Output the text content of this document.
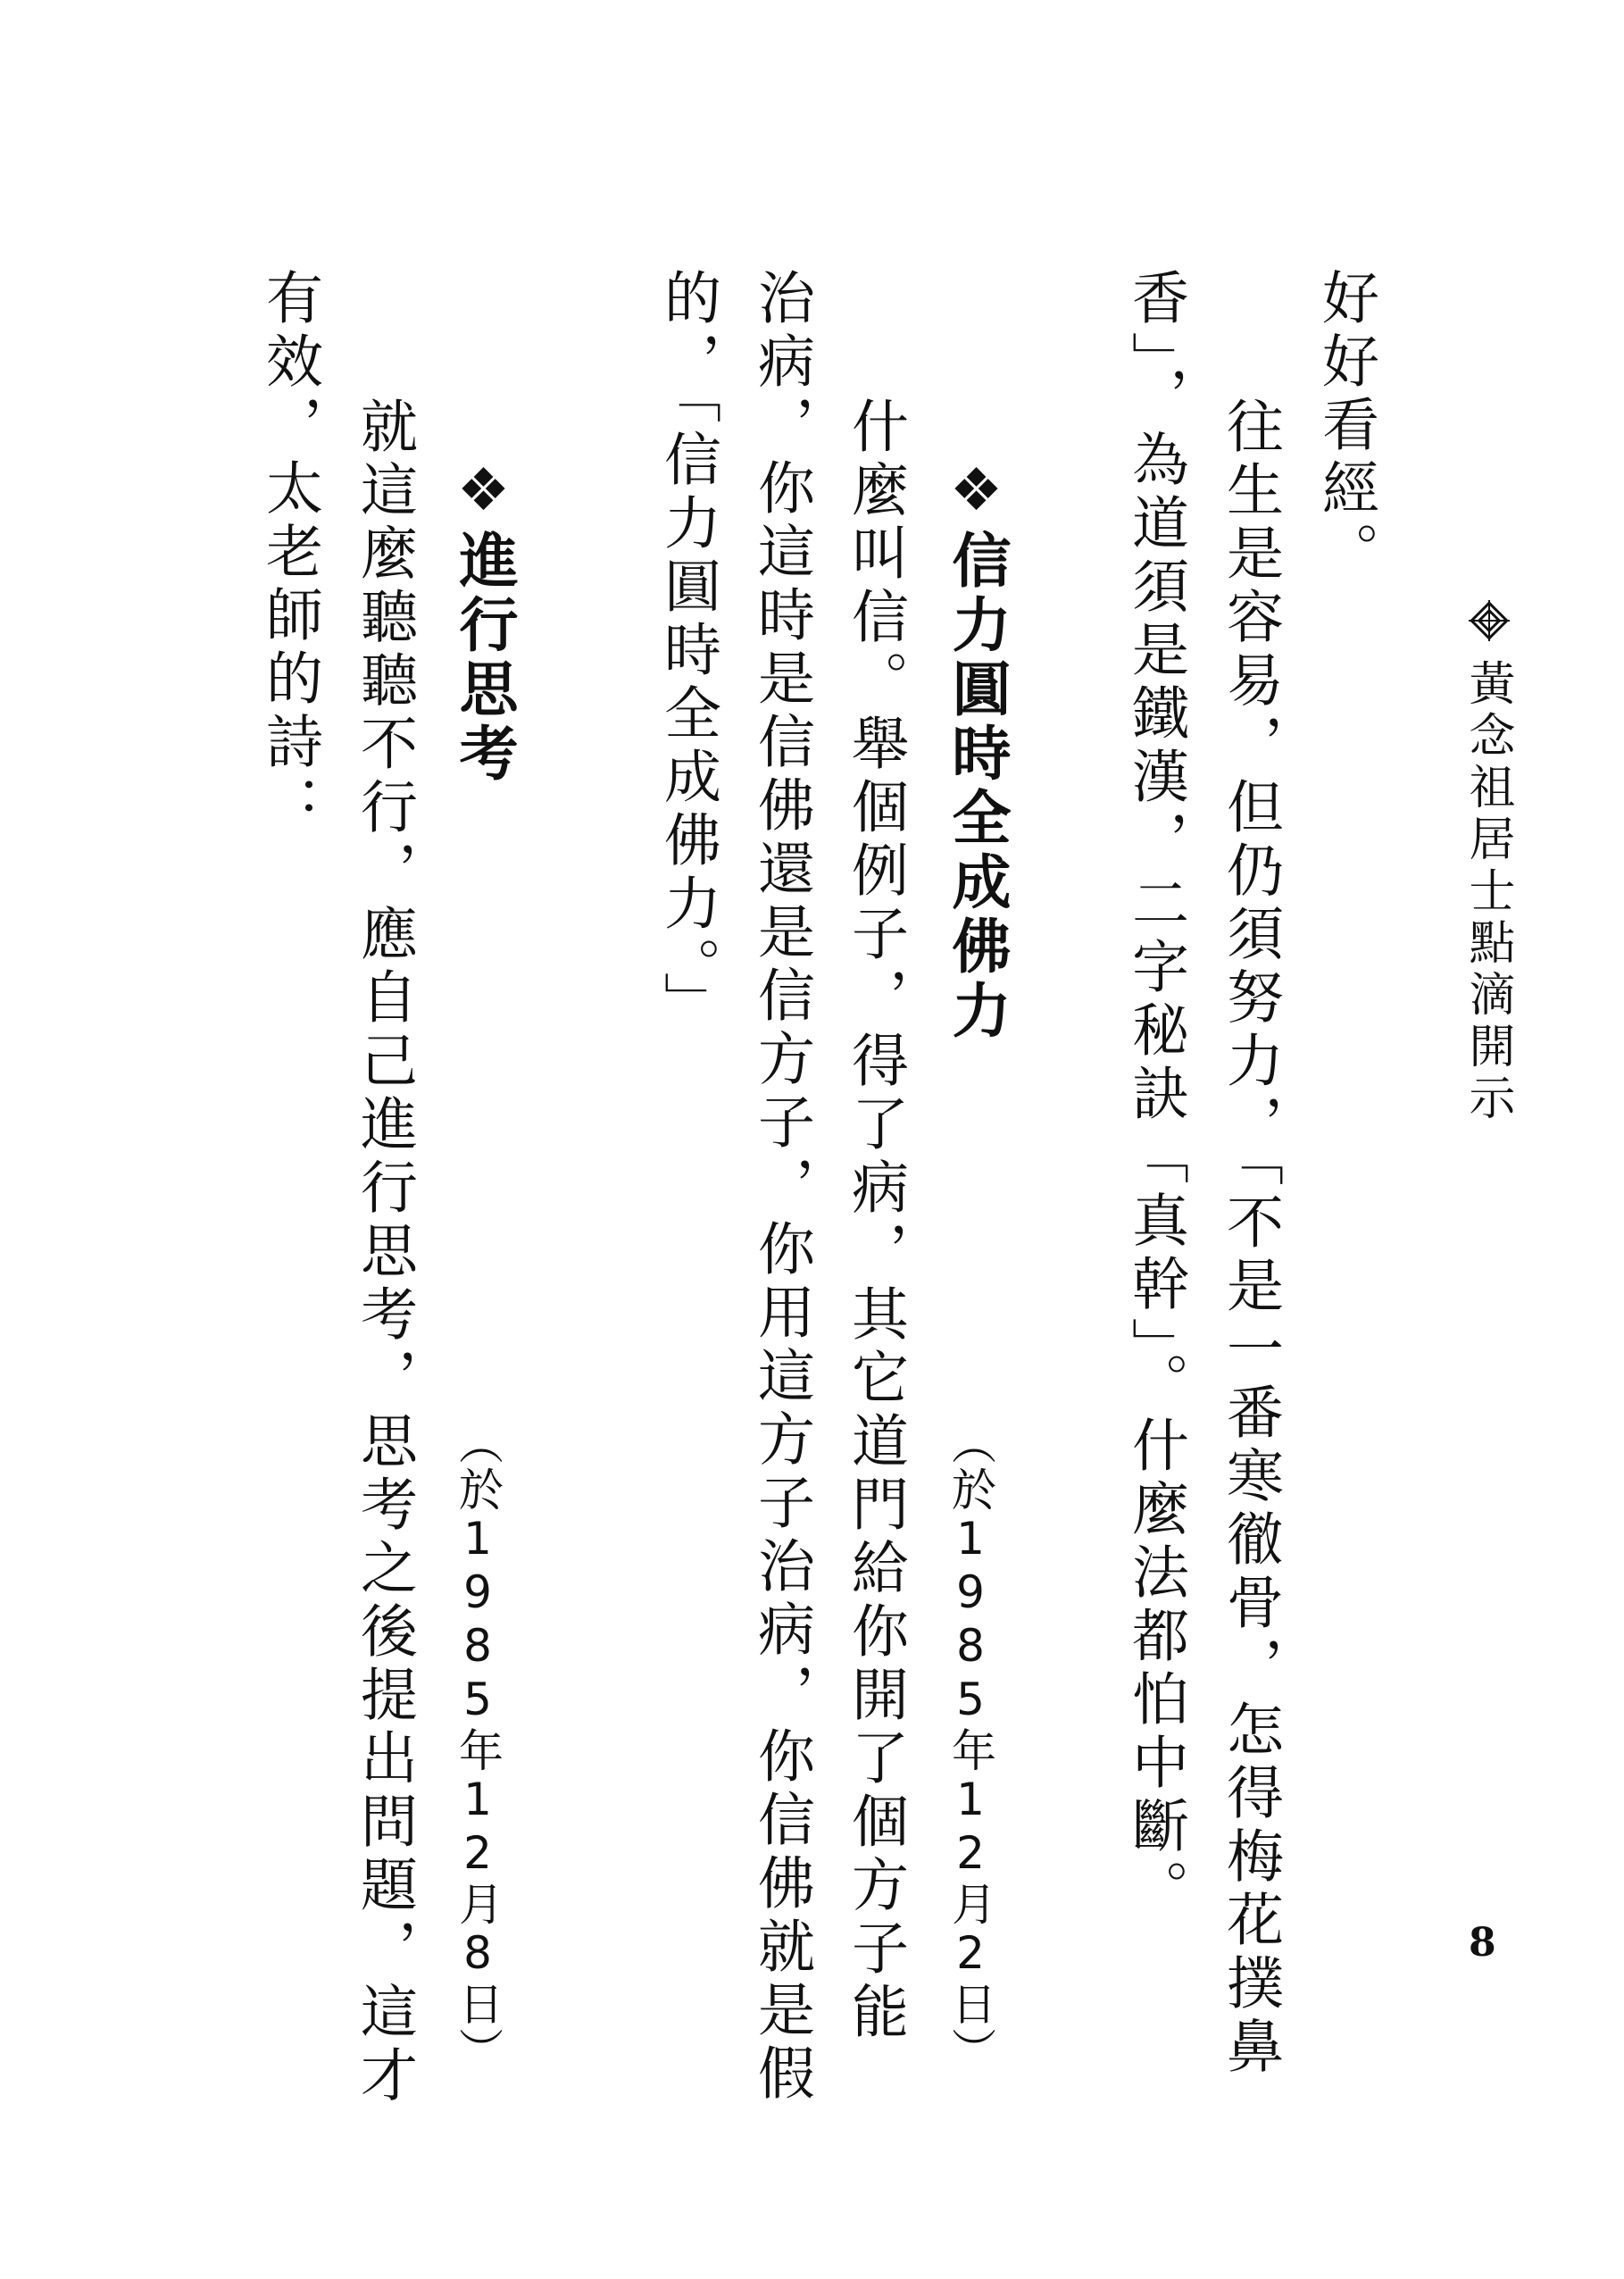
黃念祖居士點滴開示
8
好好看經。
往生是容易，但仍須努力，「不是一番寒徹骨，怎得梅花撲鼻
香」，為道須是鐵漢，二字秘訣「真幹」。什麼法都怕中斷。
❖信力圓時全成佛力
（於1985年12月2日）
什麼叫信。舉個例子，得了病，其它道門給你開了個方子能
治病，你這時是信佛還是信方子，你用這方子治病，你信佛就是假
的，「信力圓時全成佛力。」
❖進行思考
（於1985年12月8日）
就這麼聽聽不行，應自己進行思考，思考之後提出問題，這才
有效，太老師的詩：
